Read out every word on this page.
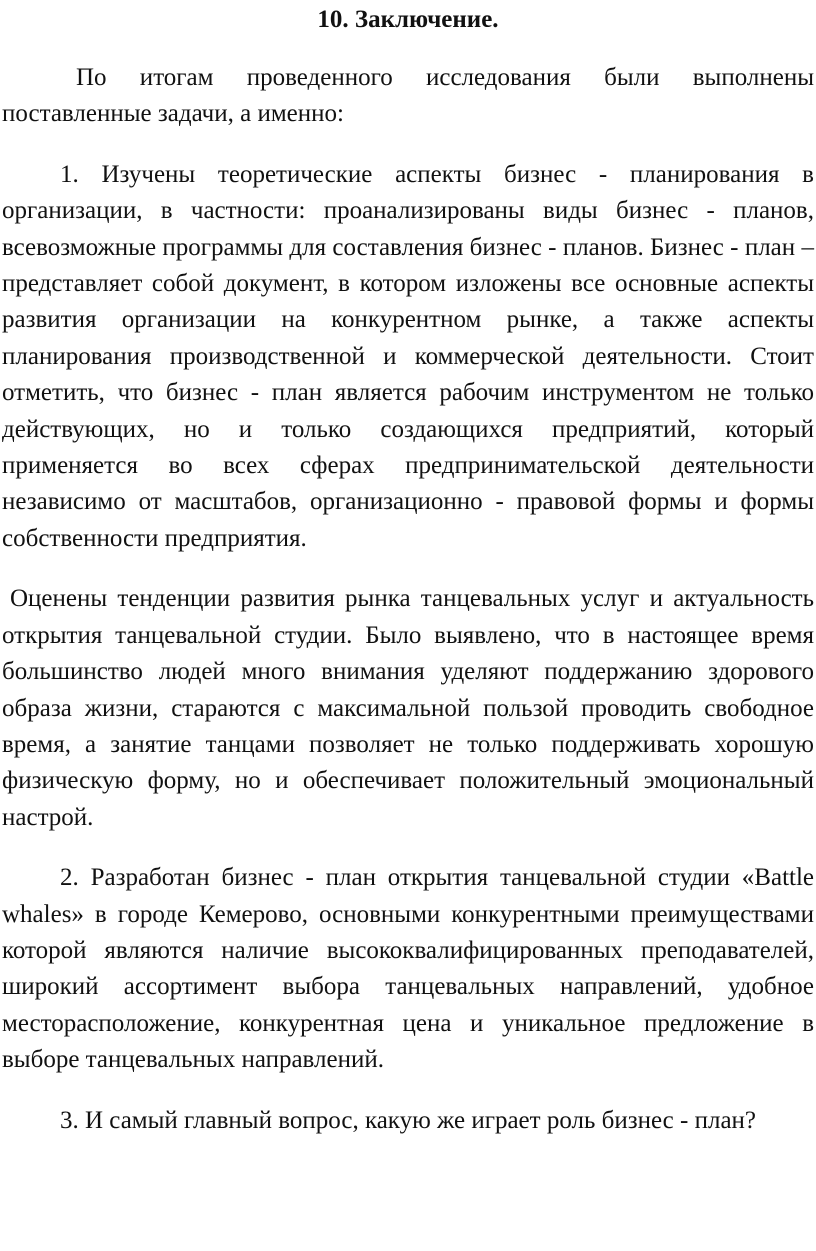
10. Заключение.

По итогам проведенного исследования были выполнены поставленные задачи, а именно:

1. Изучены теоретические аспекты бизнес - планирования в организации, в частности: проанализированы виды бизнес - планов, всевозможные программы для составления бизнес - планов. Бизнес - план – представляет собой документ, в котором изложены все основные аспекты развития организации на конкурентном рынке, а также аспекты планирования производственной и коммерческой деятельности. Стоит отметить, что бизнес - план является рабочим инструментом не только действующих, но и только создающихся предприятий, который применяется во всех сферах предпринимательской деятельности независимо от масштабов, организационно - правовой формы и формы собственности предприятия.

Оценены тенденции развития рынка танцевальных услуг и актуальность открытия танцевальной студии. Было выявлено, что в настоящее время большинство людей много внимания уделяют поддержанию здорового образа жизни, стараются с максимальной пользой проводить свободное время, а занятие танцами позволяет не только поддерживать хорошую физическую форму, но и обеспечивает положительный эмоциональный настрой.

2. Разработан бизнес - план открытия танцевальной студии «Battle whales» в городе Кемерово, основными конкурентными преимуществами которой являются наличие высококвалифицированных преподавателей, широкий ассортимент выбора танцевальных направлений, удобное месторасположение, конкурентная цена и уникальное предложение в выборе танцевальных направлений.

3. И самый главный вопрос, какую же играет роль бизнес - план?
